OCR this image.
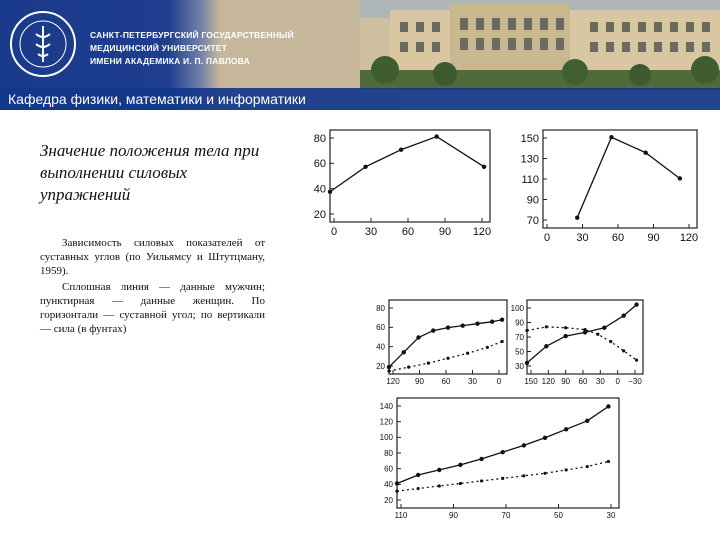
САНКТ-ПЕТЕРБУРГСКИЙ ГОСУДАРСТВЕННЫЙ
МЕДИЦИНСКИЙ УНИВЕРСИТЕТ
ИМЕНИ АКАДЕМИКА И. П. ПАВЛОВА
Кафедра физики, математики и информатики
Значение положения тела при выполнении силовых упражнений

Зависимость силовых показателей от суставных углов (по Уильямсу и Штутцману, 1959).

Сплошная линия — данные мужчин; пунктирная — данные женщин. По горизонтали — суставной угол; по вертикали — сила (в фунтах)

0	30 60 90 120
20
40
60
80
0 30 60 90 120
70
90
110
130
150
120 90 60 30 0
20
40
60
80
150 120 90 60 30 0 −30
30
50
70
90
100
110	90	70	50	30
20
40
60
80
100
120
140
